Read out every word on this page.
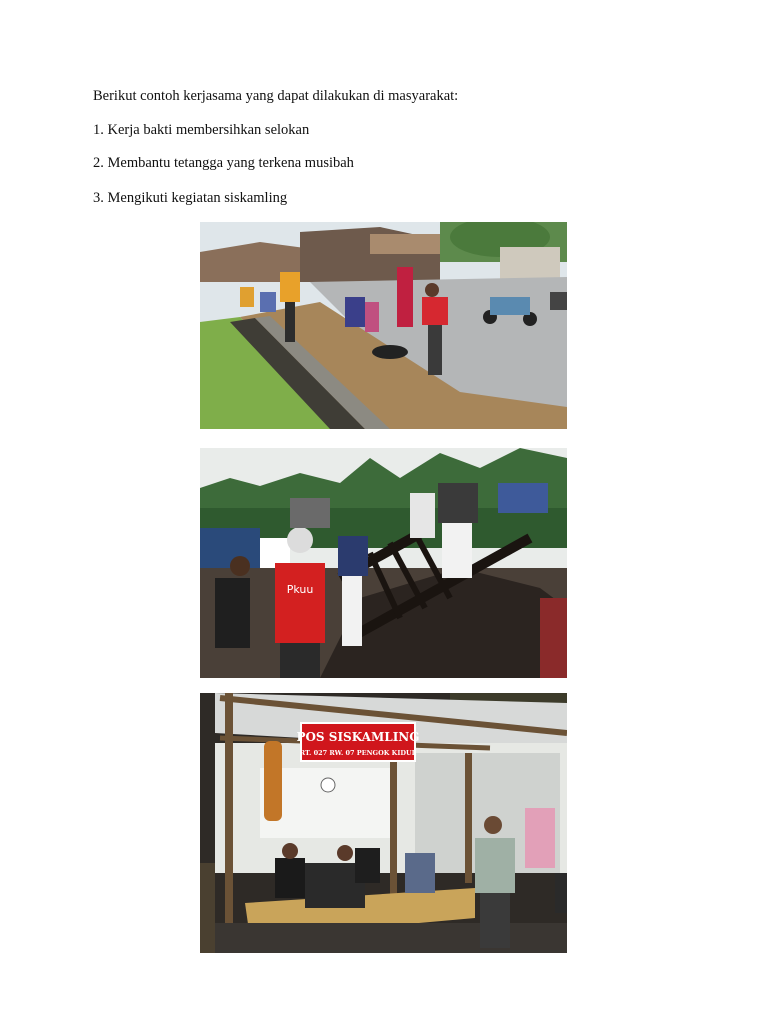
Berikut contoh kerjasama yang dapat dilakukan di masyarakat:
1. Kerja bakti membersihkan selokan
2. Membantu tetangga yang terkena musibah
3. Mengikuti kegiatan siskamling
Pkuu
POS SISKAMLING
RT. 027 RW. 07 PENGOK KIDUL
